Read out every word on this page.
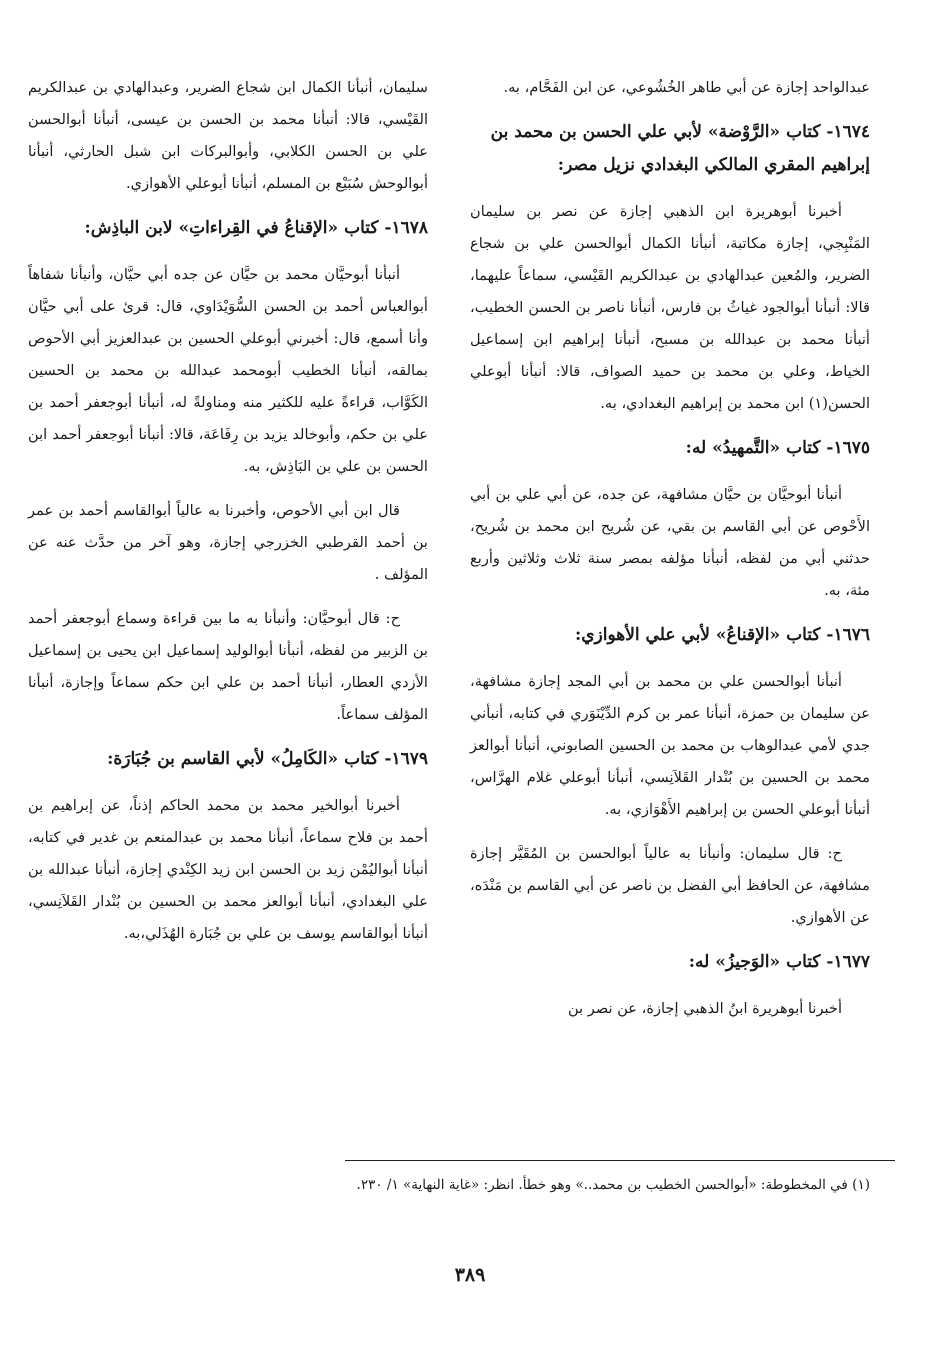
عبدالواحد إجازة عن أبي طاهر الخُشُوعي، عن ابن الفَحَّام، به.

١٦٧٤- كتاب «الرَّوْضة» لأبي علي الحسن بن محمد بن إبراهيم المقري المالكي البغدادي نزيل مصر:

أخبرنا أبوهريرة ابن الذهبي إجازة عن نصر بن سليمان المَنْبِجي، إجازة مكاتبة، أنبأنا الكمال أبوالحسن علي بن شجاع الضرير، والمُعين عبدالهادي بن عبدالكريم القَيْسي، سماعاً عليهما، قالا: أنبأنا أبوالجود غياثُ بن فارس، أنبأنا ناصر بن الحسن الخطيب، أنبأنا محمد بن عبدالله بن مسبح، أنبأنا إبراهيم ابن إسماعيل الخياط، وعلي بن محمد بن حميد الصواف، قالا: أنبأنا أبوعلي الحسن(١) ابن محمد بن إبراهيم البغدادي، به.

١٦٧٥- كتاب «التَّمهيدُ» له:

أنبأنا أبوحيَّان بن حيَّان مشافهة، عن جده، عن أبي علي بن أبي الأَحْوص عن أبي القاسم بن بقي، عن شُريح ابن محمد بن شُريح، حدثني أبي من لفظه، أنبأنا مؤلفه بمصر سنة ثلاث وثلاثين وأربع مئة، به.

١٦٧٦- كتاب «الإقناعُ» لأبي علي الأهوازي:

أنبأنا أبوالحسن علي بن محمد بن أبي المجد إجازة مشافهة، عن سليمان بن حمزة، أنبأنا عمر بن كرم الدِّيْنَوَري في كتابه، أنبأني جدي لأمي عبدالوهاب بن محمد بن الحسين الصابوني، أنبأنا أبوالعز محمد بن الحسين بن بُنْدار القَلاَنِسي، أنبأنا أبوعلي غلام الهرَّاس، أنبأنا أبوعلي الحسن بن إبراهيم الأَهْوَازي، به.

ح: قال سليمان: وأنبأنا به عالياً أبوالحسن بن المُقَيَّر إجازة مشافهة، عن الحافظ أبي الفضل بن ناصر عن أبي القاسم بن مَنْدَه، عن الأهوازي.

١٦٧٧- كتاب «الوَجيزُ» له:

أخبرنا أبوهريرة ابنُ الذهبي إجازة، عن نصر بن

سليمان، أنبأنا الكمال ابن شجاع الضرير، وعبدالهادي بن عبدالكريم القَيْسي، قالا: أنبأنا محمد بن الحسن بن عيسى، أنبأنا أبوالحسن علي بن الحسن الكلابي، وأبوالبركات ابن شبل الحارثي، أنبأنا أبوالوحش سُبَيْع بن المسلم، أنبأنا أبوعلي الأهوازي.

١٦٧٨- كتاب «الإقناعُ في القِراءاتِ» لابن الباذِش:

أنبأنا أبوحيَّان محمد بن حيَّان عن جده أبي حيَّان، وأنبأنا شفاهاً أبوالعباس أحمد بن الحسن السُّوَيْدَاوي، قال: قرئ على أبي حيَّان وأنا أسمع، قال: أخبرني أبوعلي الحسين بن عبدالعزيز أبي الأحوص بمالقه، أنبأنا الخطيب أبومحمد عبدالله بن محمد بن الحسين الكَوَّاب، قراءةً عليه للكثير منه ومناولةً له، أنبأنا أبوجعفر أحمد بن علي بن حكم، وأبوخالد يزيد بن رِفَاعَة، قالا: أنبأنا أبوجعفر أحمد ابن الحسن بن علي بن البَاذِش، به.

قال ابن أبي الأحوص، وأخبرنا به عالياً أبوالقاسم أحمد بن عمر بن أحمد القرطبي الخزرجي إجازة، وهو آخر من حدَّث عنه عن المؤلف .

ح: قال أبوحيَّان: وأنبأنا به ما بين قراءة وسماع أبوجعفر أحمد بن الزبير من لفظه، أنبأنا أبوالوليد إسماعيل ابن يحيى بن إسماعيل الأزدي العطار، أنبأنا أحمد بن علي ابن حكم سماعاً وإجازة، أنبأنا المؤلف سماعاً.

١٦٧٩- كتاب «الكَامِلُ» لأبي القاسم بن جُبَارَة:

أخبرنا أبوالخير محمد بن محمد الحاكم إذناً، عن إبراهيم بن أحمد بن فلاح سماعاً، أنبأنا محمد بن عبدالمنعم بن غدير في كتابه، أنبأنا أبواليُمْن زيد بن الحسن ابن زيد الكِنْدي إجازة، أنبأنا عبدالله بن علي البغدادي، أنبأنا أبوالعز محمد بن الحسين بن بُنْدار القَلاَنِسي، أنبأنا أبوالقاسم يوسف بن علي بن جُبَارة الهُذَلي،به.

(١) في المخطوطة: «أبوالحسن الخطيب بن محمد..» وهو خطأ. انظر: «غاية النهاية» ١/ ٢٣٠.
٣٨٩
